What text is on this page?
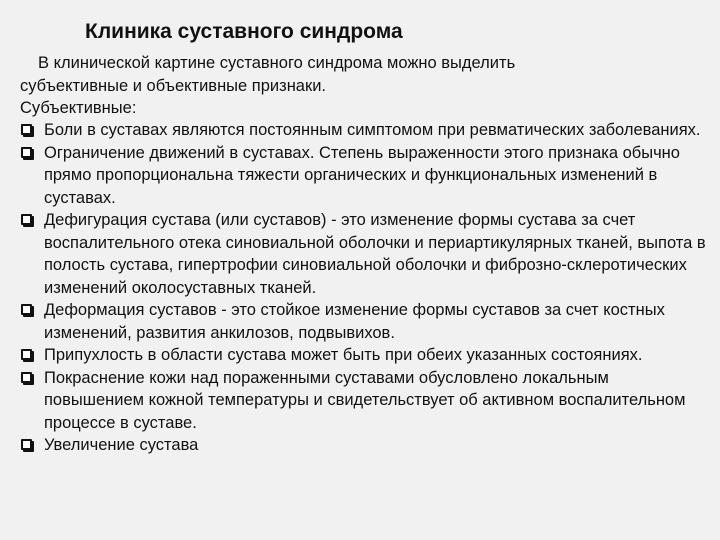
Клиника суставного синдрома
В клинической картине суставного синдрома можно выделить
субъективные и объективные признаки.
Субъективные:
Боли в суставах являются постоянным симптомом при ревматических заболеваниях.
Ограничение движений в суставах. Степень выраженности этого признака обычно прямо пропорциональна тяжести органических и функциональных изменений в суставах.
Дефигурация сустава (или суставов) - это изменение формы сустава за счет воспалительного отека синовиальной оболочки и периартикулярных тканей, выпота в полость сустава, гипертрофии синовиальной оболочки и фиброзно-склеротических изменений околосуставных тканей.
Деформация суставов - это стойкое изменение формы суставов за счет костных изменений, развития анкилозов, подвывихов.
Припухлость в области сустава может быть при обеих указанных состояниях.
Покраснение кожи над пораженными суставами обусловлено локальным повышением кожной температуры и свидетельствует об активном воспалительном процессе в суставе.
Увеличение сустава
